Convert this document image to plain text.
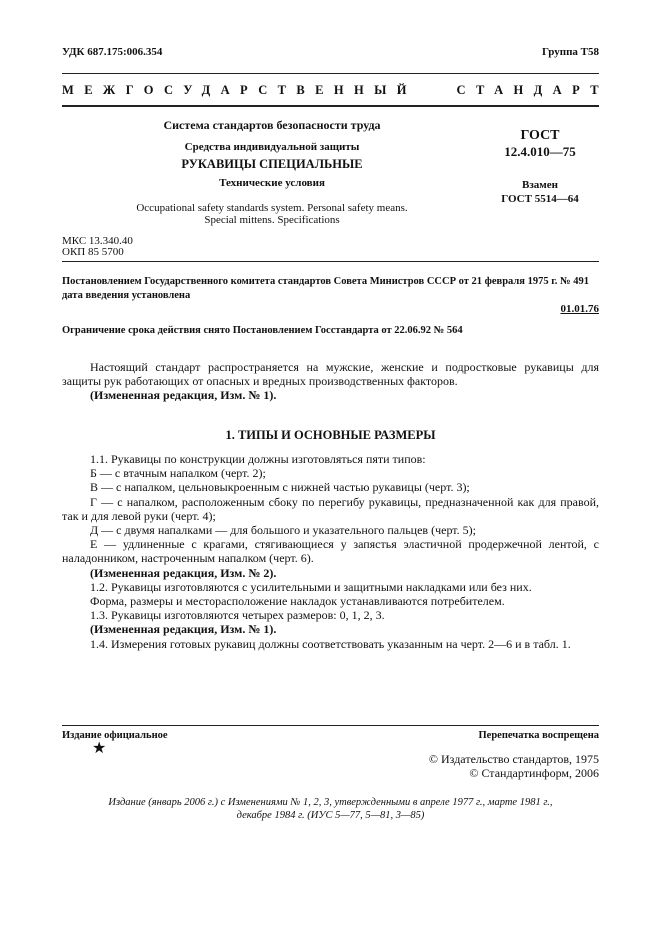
УДК 687.175:006.354	Группа Т58
МЕЖГОСУДАРСТВЕННЫЙ	СТАНДАРТ
Система стандартов безопасности труда
Средства индивидуальной защиты
РУКАВИЦЫ СПЕЦИАЛЬНЫЕ
Технические условия
Occupational safety standards system. Personal safety means.
Special mittens. Specifications
ГОСТ
12.4.010—75
Взамен
ГОСТ 5514—64
МКС 13.340.40
ОКП 85 5700
Постановлением Государственного комитета стандартов Совета Министров СССР от 21 февраля 1975 г. № 491
дата введения установлена
01.01.76
Ограничение срока действия снято Постановлением Госстандарта от 22.06.92 № 564

Настоящий стандарт распространяется на мужские, женские и подростковые рукавицы для защиты рук работающих от опасных и вредных производственных факторов.

(Измененная редакция, Изм. № 1).

1. ТИПЫ И ОСНОВНЫЕ РАЗМЕРЫ

1.1. Рукавицы по конструкции должны изготовляться пяти типов:

Б — с втачным напалком (черт. 2);

В — с напалком, цельновыкроенным с нижней частью рукавицы (черт. 3);

Г — с напалком, расположенным сбоку по перегибу рукавицы, предназначенной как для правой, так и для левой руки (черт. 4);

Д — с двумя напалками — для большого и указательного пальцев (черт. 5);

Е — удлиненные с крагами, стягивающиеся у запястья эластичной продержечной лентой, с наладонником, настроченным напалком (черт. 6).

(Измененная редакция, Изм. № 2).

1.2. Рукавицы изготовляются с усилительными и защитными накладками или без них.

Форма, размеры и месторасположение накладок устанавливаются потребителем.

1.3. Рукавицы изготовляются четырех размеров: 0, 1, 2, 3.

(Измененная редакция, Изм. № 1).

1.4. Измерения готовых рукавиц должны соответствовать указанным на черт. 2—6 и в табл. 1.

Издание официальное	Перепечатка воспрещена
★
© Издательство стандартов, 1975
© Стандартинформ, 2006
Издание (январь 2006 г.) с Изменениями № 1, 2, 3, утвержденными в апреле 1977 г., марте 1981 г.,
декабре 1984 г. (ИУС 5—77, 5—81, 3—85)
